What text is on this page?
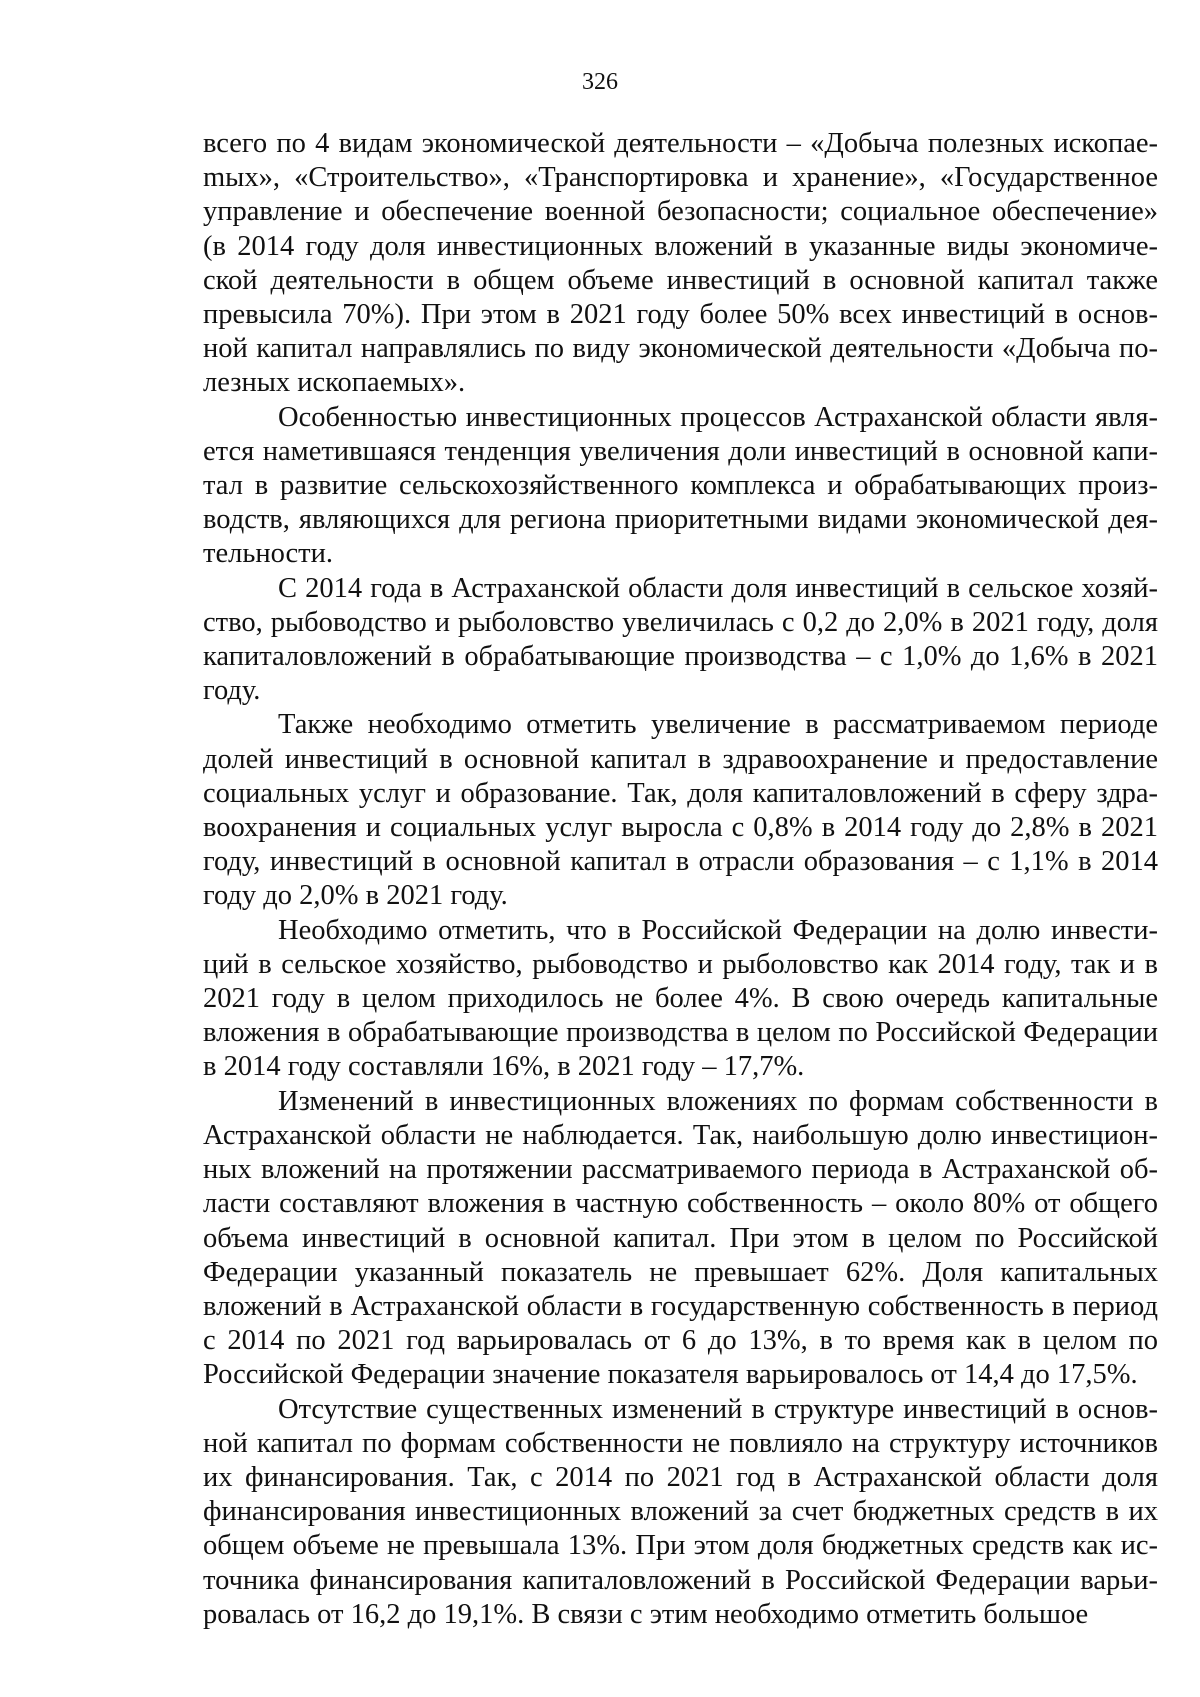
326

всего по 4 видам экономической деятельности – «Добыча полезных ископаеmых», «Строительство», «Транспортировка и хранение», «Государственное управление и обеспечение военной безопасности; социальное обеспечение» (в 2014 году доля инвестиционных вложений в указанные виды экономической деятельности в общем объеме инвестиций в основной капитал также превысила 70%). При этом в 2021 году более 50% всех инвестиций в основной капитал направлялись по виду экономической деятельности «Добыча полезных ископаемых».

Особенностью инвестиционных процессов Астраханской области является наметившаяся тенденция увеличения доли инвестиций в основной капитал в развитие сельскохозяйственного комплекса и обрабатывающих производств, являющихся для региона приоритетными видами экономической деятельности.

С 2014 года в Астраханской области доля инвестиций в сельское хозяйство, рыбоводство и рыболовство увеличилась с 0,2 до 2,0% в 2021 году, доля капиталовложений в обрабатывающие производства – с 1,0% до 1,6% в 2021 году.

Также необходимо отметить увеличение в рассматриваемом периоде долей инвестиций в основной капитал в здравоохранение и предоставление социальных услуг и образование. Так, доля капиталовложений в сферу здравоохранения и социальных услуг выросла с 0,8% в 2014 году до 2,8% в 2021 году, инвестиций в основной капитал в отрасли образования – с 1,1% в 2014 году до 2,0% в 2021 году.

Необходимо отметить, что в Российской Федерации на долю инвестиций в сельское хозяйство, рыбоводство и рыболовство как 2014 году, так и в 2021 году в целом приходилось не более 4%. В свою очередь капитальные вложения в обрабатывающие производства в целом по Российской Федерации в 2014 году составляли 16%, в 2021 году – 17,7%.

Изменений в инвестиционных вложениях по формам собственности в Астраханской области не наблюдается. Так, наибольшую долю инвестиционных вложений на протяжении рассматриваемого периода в Астраханской области составляют вложения в частную собственность – около 80% от общего объема инвестиций в основной капитал. При этом в целом по Российской Федерации указанный показатель не превышает 62%. Доля капитальных вложений в Астраханской области в государственную собственность в период с 2014 по 2021 год варьировалась от 6 до 13%, в то время как в целом по Российской Федерации значение показателя варьировалось от 14,4 до 17,5%.

Отсутствие существенных изменений в структуре инвестиций в основной капитал по формам собственности не повлияло на структуру источников их финансирования. Так, с 2014 по 2021 год в Астраханской области доля финансирования инвестиционных вложений за счет бюджетных средств в их общем объеме не превышала 13%. При этом доля бюджетных средств как источника финансирования капиталовложений в Российской Федерации варьировалась от 16,2 до 19,1%. В связи с этим необходимо отметить большое
